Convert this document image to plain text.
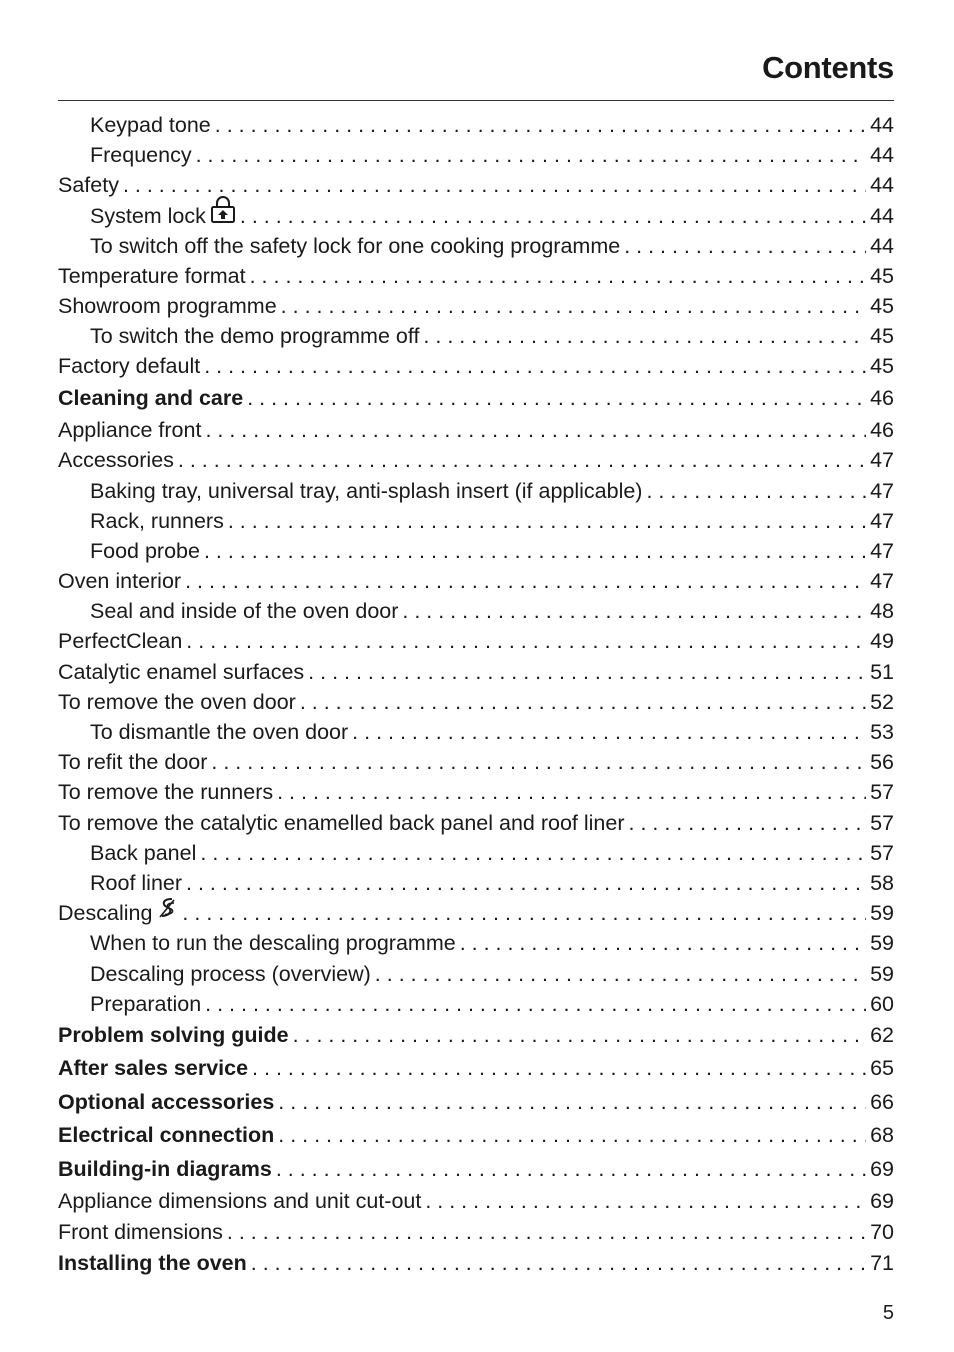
Contents
Keypad tone . . .	44
Frequency . . .	44
Safety . . .	44
System lock . . .	44
To switch off the safety lock for one cooking programme . . .	44
Temperature format . . .	45
Showroom programme . . .	45
To switch the demo programme off . . .	45
Factory default . . .	45
Cleaning and care . . .	46
Appliance front . . .	46
Accessories . . .	47
Baking tray, universal tray, anti-splash insert (if applicable) . . .	47
Rack, runners . . .	47
Food probe . . .	47
Oven interior . . .	47
Seal and inside of the oven door . . .	48
PerfectClean . . .	49
Catalytic enamel surfaces . . .	51
To remove the oven door . . .	52
To dismantle the oven door . . .	53
To refit the door . . .	56
To remove the runners . . .	57
To remove the catalytic enamelled back panel and roof liner . . .	57
Back panel . . .	57
Roof liner . . .	58
Descaling . . .	59
When to run the descaling programme . . .	59
Descaling process (overview) . . .	59
Preparation . . .	60
Problem solving guide . . .	62
After sales service . . .	65
Optional accessories . . .	66
Electrical connection . . .	68
Building-in diagrams . . .	69
Appliance dimensions and unit cut-out . . .	69
Front dimensions . . .	70
Installing the oven . . .	71
5
